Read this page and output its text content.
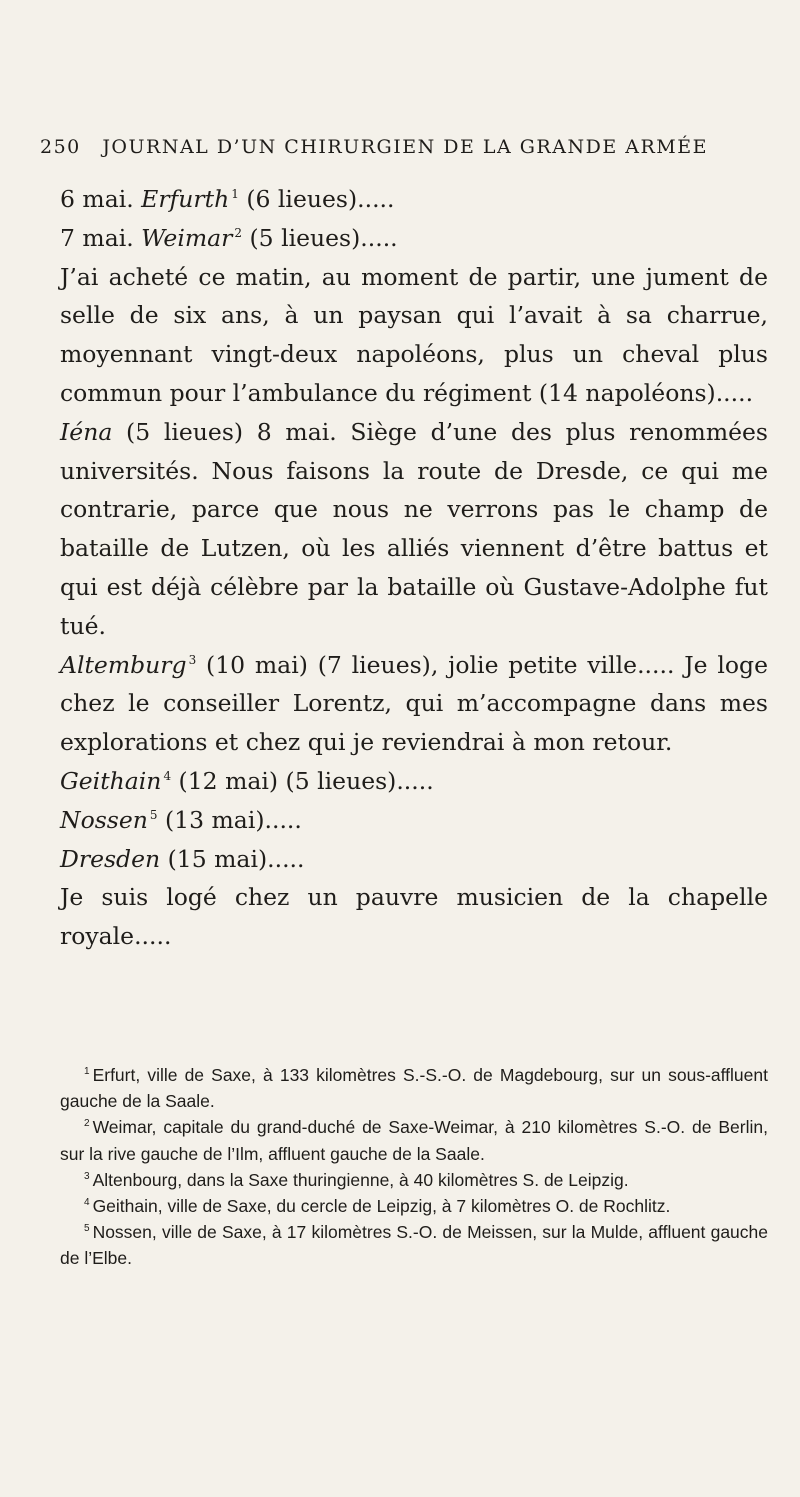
250 JOURNAL D’UN CHIRURGIEN DE LA GRANDE ARMÉE

6 mai. Erfurth $^1$ (6 lieues).....

7 mai. Weimar $^2$ (5 lieues).....

J’ai acheté ce matin, au moment de partir, une jument de selle de six ans, à un paysan qui l’avait à sa charrue, moyennant vingt-deux napoléons, plus un cheval plus commun pour l’ambulance du régiment (14 napoléons).....

Iéna (5 lieues) 8 mai. Siège d’une des plus renommées universités. Nous faisons la route de Dresde, ce qui me contrarie, parce que nous ne verrons pas le champ de bataille de Lutzen, où les alliés viennent d’être battus et qui est déjà célèbre par la bataille où Gustave-Adolphe fut tué.

Altemburg $^3$ (10 mai) (7 lieues), jolie petite ville..... Je loge chez le conseiller Lorentz, qui m’accompagne dans mes explorations et chez qui je reviendrai à mon retour.

Geithain $^4$ (12 mai) (5 lieues).....

Nossen $^5$ (13 mai).....

Dresden (15 mai).....

Je suis logé chez un pauvre musicien de la chapelle royale.....

$^1$ Erfurt, ville de Saxe, à 133 kilomètres S.-S.-O. de Magdebourg, sur un sous-affluent gauche de la Saale.

$^2$ Weimar, capitale du grand-duché de Saxe-Weimar, à 210 kilomètres S.-O. de Berlin, sur la rive gauche de l’Ilm, affluent gauche de la Saale.

$^3$ Altenbourg, dans la Saxe thuringienne, à 40 kilomètres S. de Leipzig.

$^4$ Geithain, ville de Saxe, du cercle de Leipzig, à 7 kilomètres O. de Rochlitz.

$^5$ Nossen, ville de Saxe, à 17 kilomètres S.-O. de Meissen, sur la Mulde, affluent gauche de l’Elbe.
